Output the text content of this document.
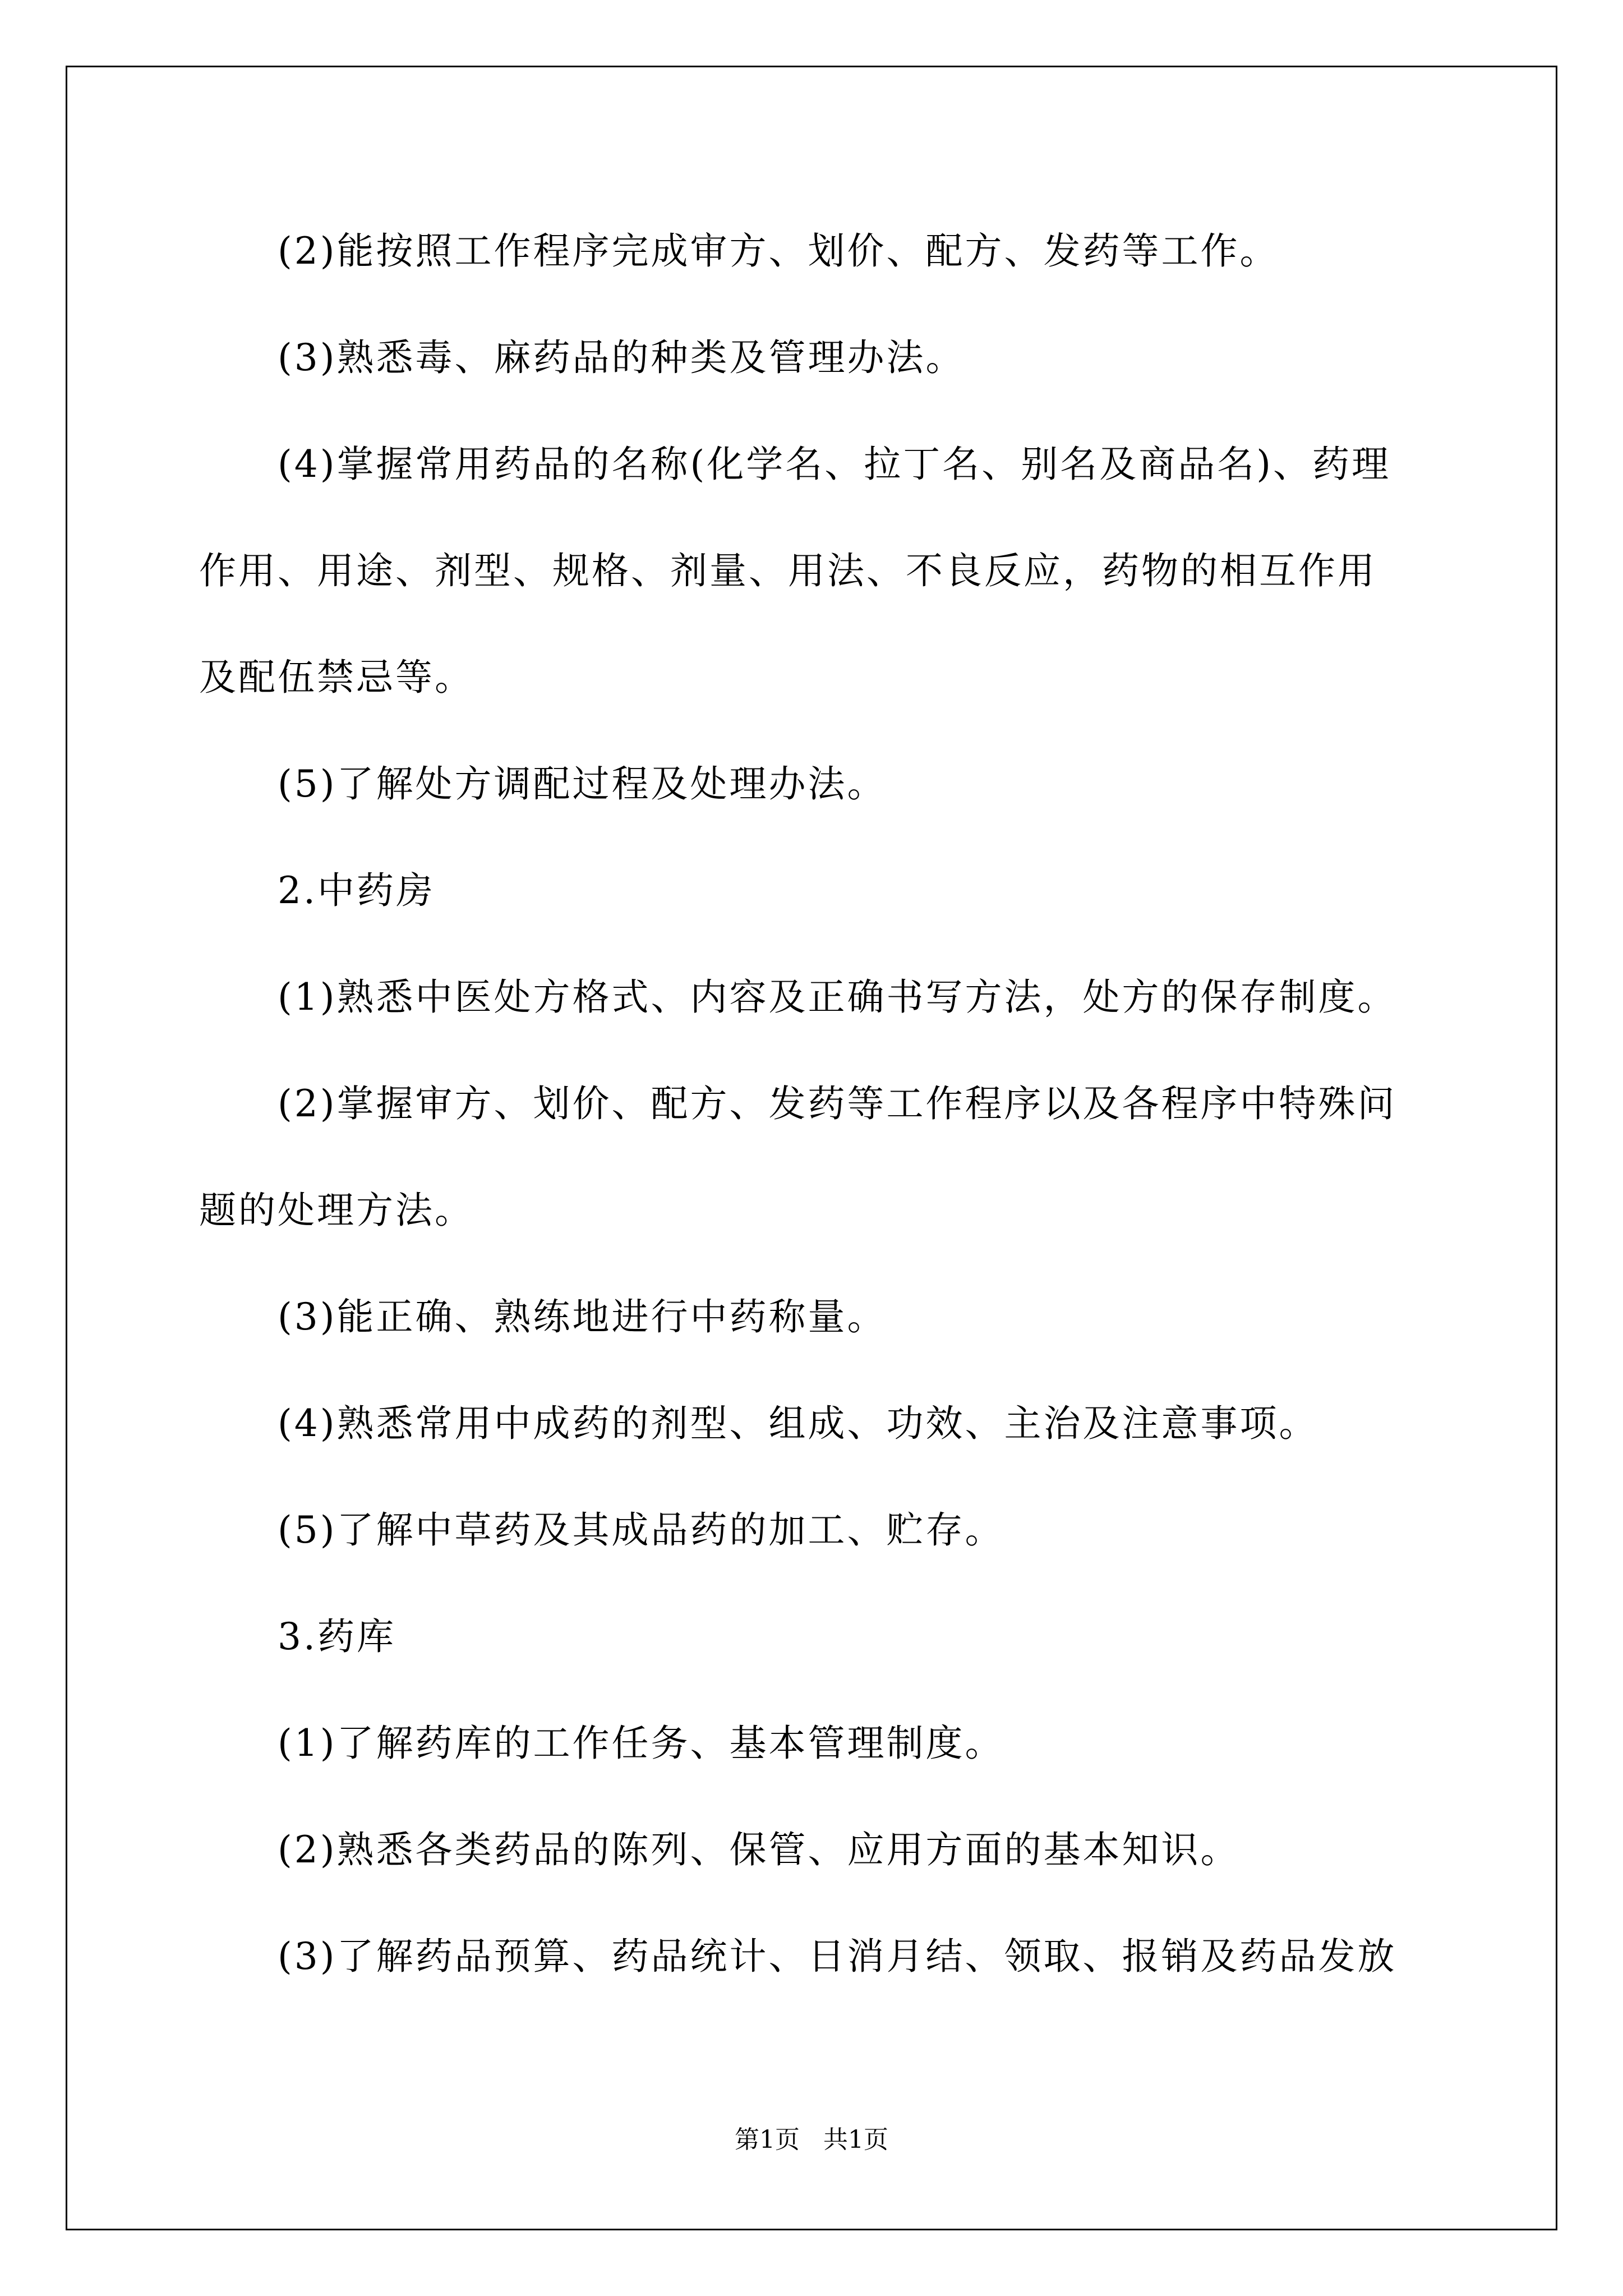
(2)能按照工作程序完成审方、划价、配方、发药等工作。
(3)熟悉毒、麻药品的种类及管理办法。
(4)掌握常用药品的名称(化学名、拉丁名、别名及商品名)、药理
作用、用途、剂型、规格、剂量、用法、不良反应，药物的相互作用
及配伍禁忌等。
(5)了解处方调配过程及处理办法。
2.中药房
(1)熟悉中医处方格式、内容及正确书写方法，处方的保存制度。
(2)掌握审方、划价、配方、发药等工作程序以及各程序中特殊问
题的处理方法。
(3)能正确、熟练地进行中药称量。
(4)熟悉常用中成药的剂型、组成、功效、主治及注意事项。
(5)了解中草药及其成品药的加工、贮存。
3.药库
(1)了解药库的工作任务、基本管理制度。
(2)熟悉各类药品的陈列、保管、应用方面的基本知识。
(3)了解药品预算、药品统计、日消月结、领取、报销及药品发放
第1页   共1页
